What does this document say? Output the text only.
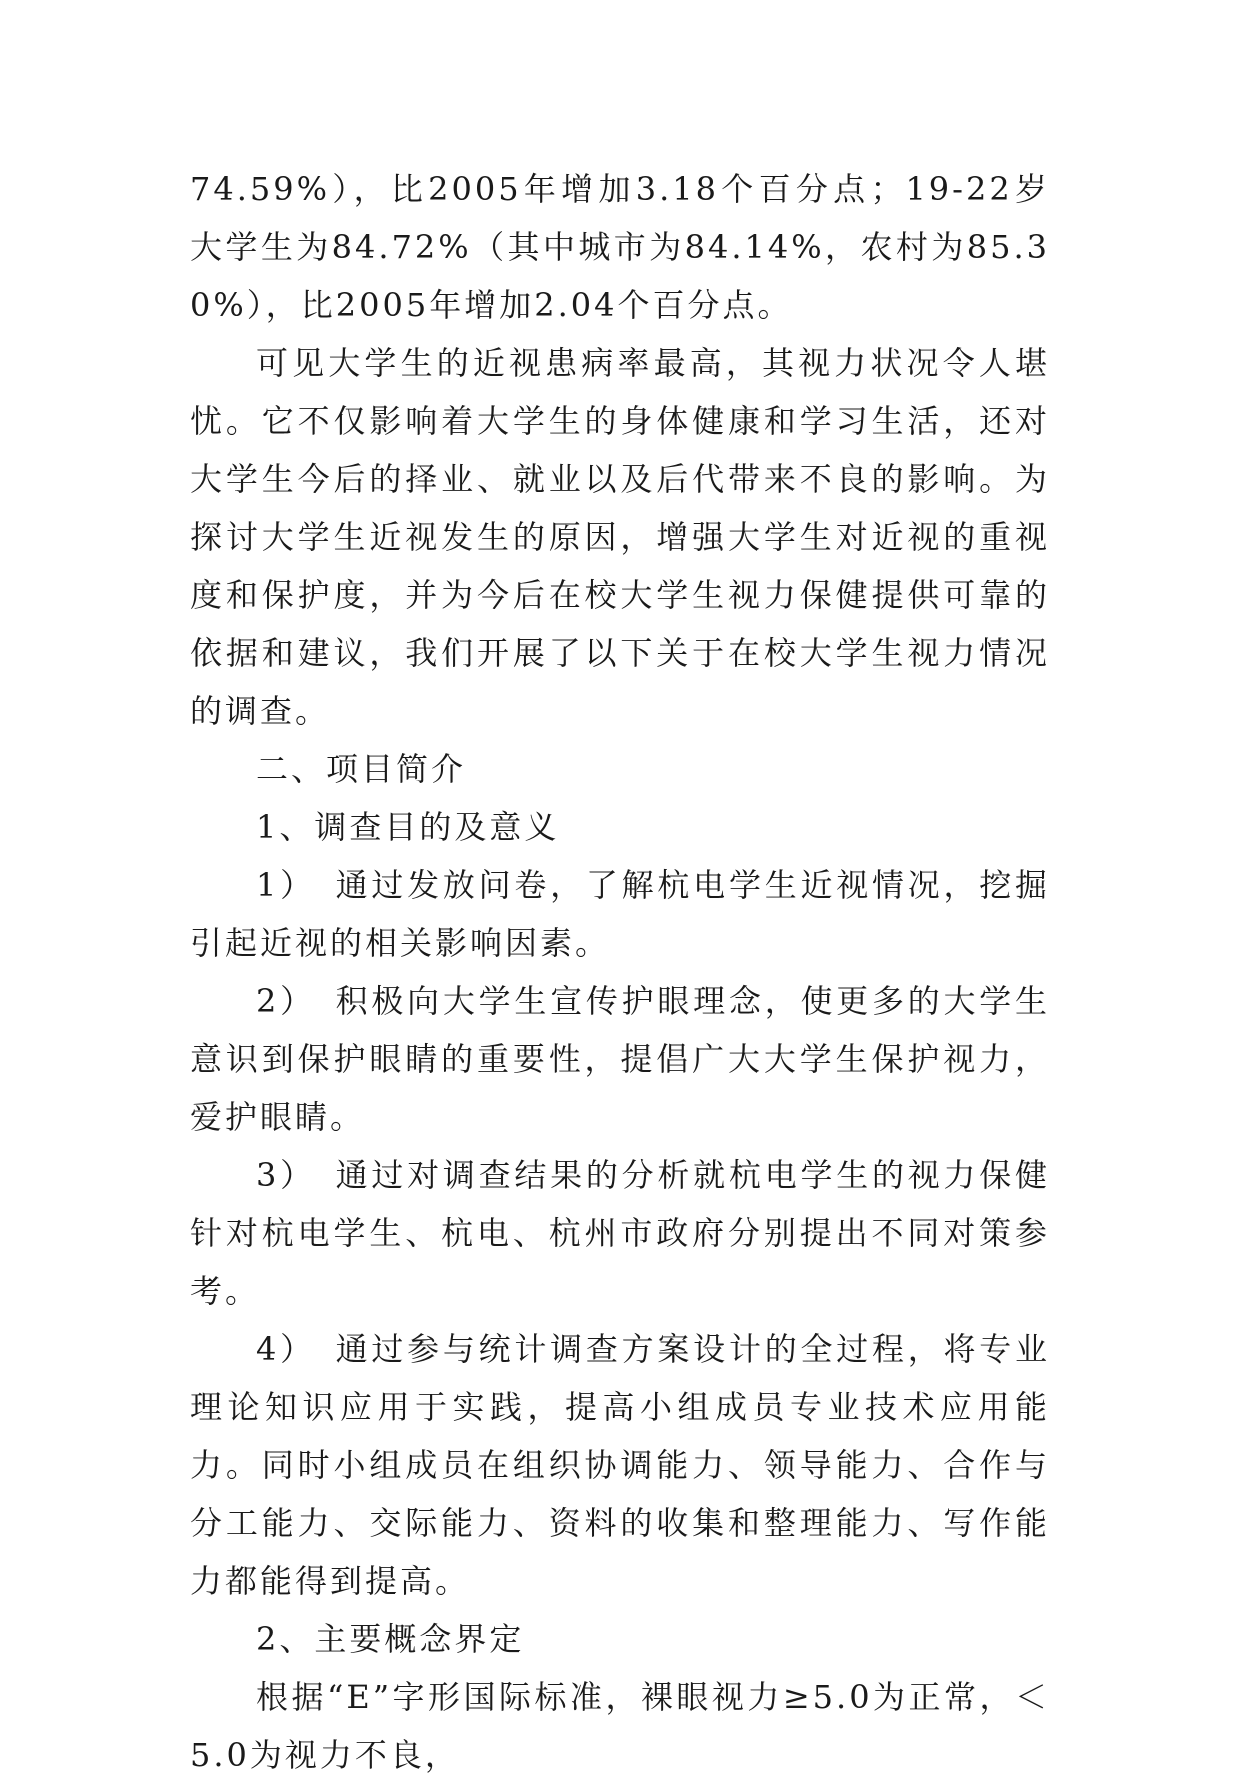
74.59%），比2005年增加3.18个百分点；19-22岁大学生为84.72%（其中城市为84.14%，农村为85.30%），比2005年增加2.04个百分点。

可见大学生的近视患病率最高，其视力状况令人堪忧。它不仅影响着大学生的身体健康和学习生活，还对大学生今后的择业、就业以及后代带来不良的影响。为探讨大学生近视发生的原因，增强大学生对近视的重视度和保护度，并为今后在校大学生视力保健提供可靠的依据和建议，我们开展了以下关于在校大学生视力情况的调查。

二、项目简介

1、调查目的及意义

1）　通过发放问卷，了解杭电学生近视情况，挖掘引起近视的相关影响因素。

2）　积极向大学生宣传护眼理念，使更多的大学生意识到保护眼睛的重要性，提倡广大大学生保护视力，爱护眼睛。

3）　通过对调查结果的分析就杭电学生的视力保健针对杭电学生、杭电、杭州市政府分别提出不同对策参考。

4）　通过参与统计调查方案设计的全过程，将专业理论知识应用于实践，提高小组成员专业技术应用能力。同时小组成员在组织协调能力、领导能力、合作与分工能力、交际能力、资料的收集和整理能力、写作能力都能得到提高。

2、主要概念界定

根据“E”字形国际标准，裸眼视力≥5.0为正常，＜5.0为视力不良，
